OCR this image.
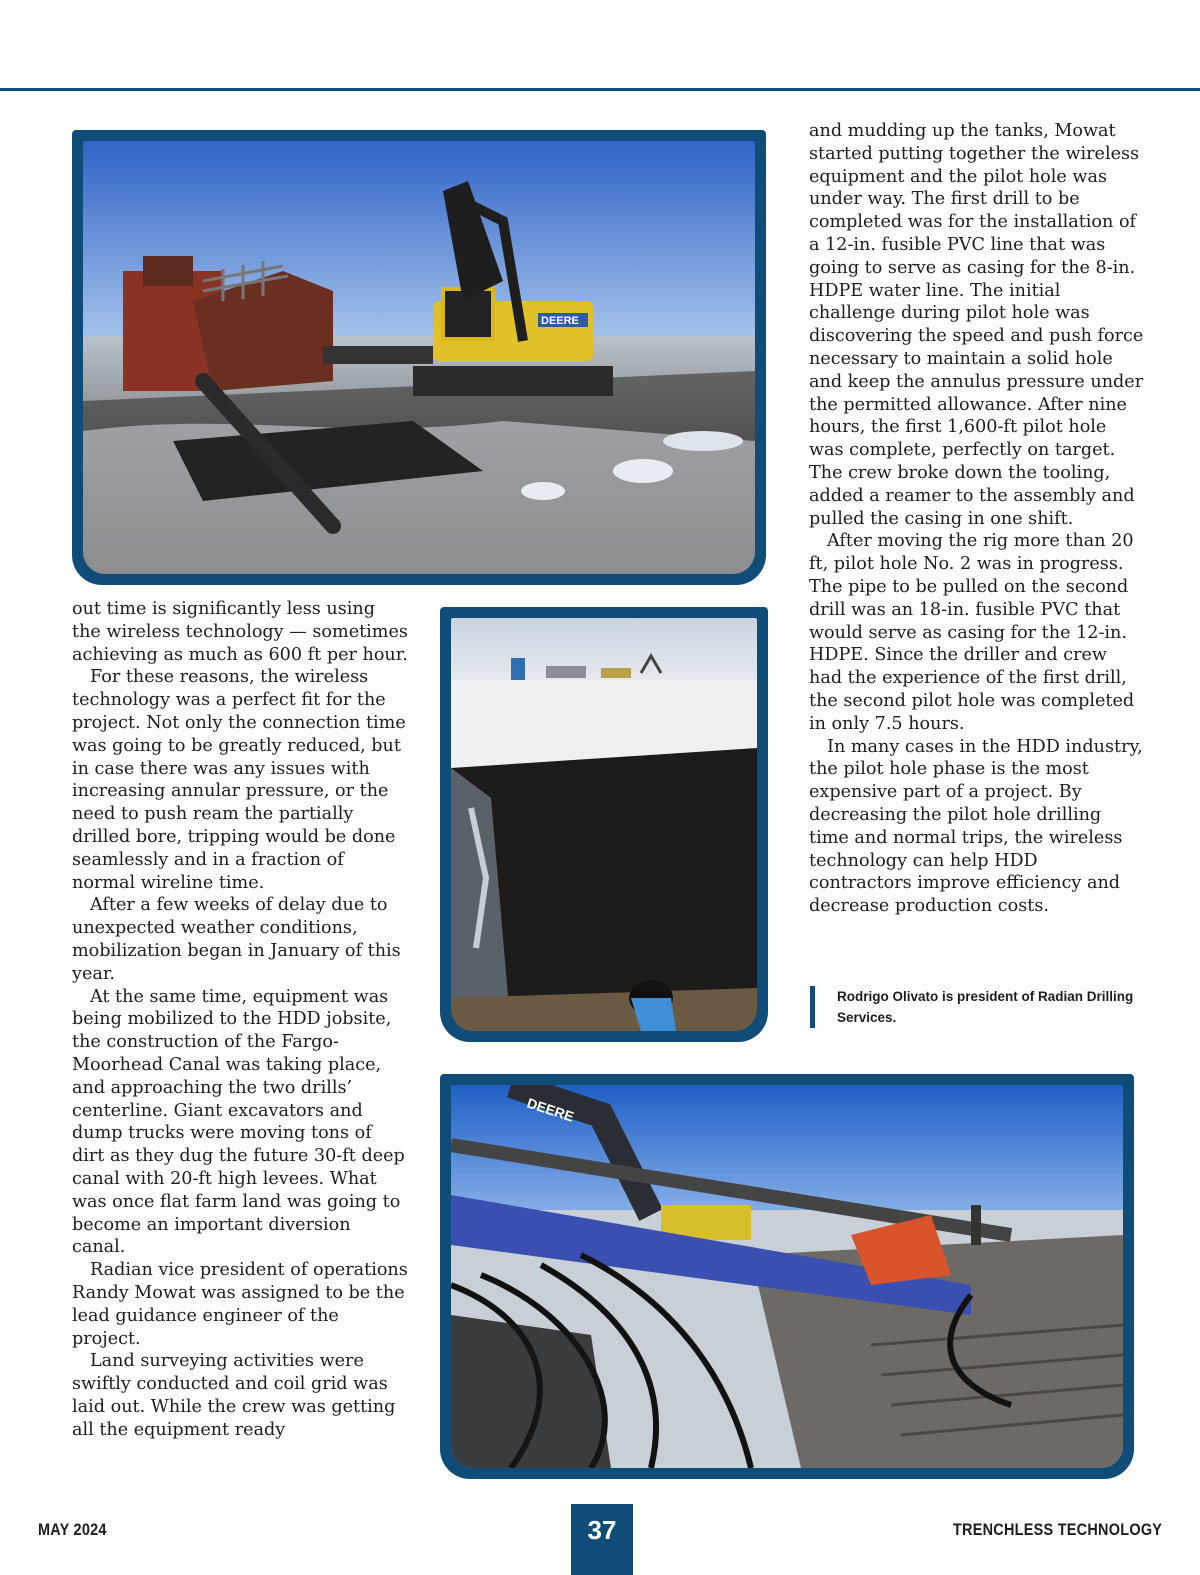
DEERE
DEERE

out time is significantly less using the wireless technology — sometimes achieving as much as 600 ft per hour.

For these reasons, the wireless technology was a perfect fit for the project. Not only the connection time was going to be greatly reduced, but in case there was any issues with increasing annular pressure, or the need to push ream the partially drilled bore, tripping would be done seamlessly and in a fraction of normal wireline time.

After a few weeks of delay due to unexpected weather conditions, mobilization began in January of this year.

At the same time, equipment was being mobilized to the HDD jobsite, the construction of the Fargo-Moorhead Canal was taking place, and approaching the two drills’ centerline. Giant excavators and dump trucks were moving tons of dirt as they dug the future 30-ft deep canal with 20-ft high levees. What was once flat farm land was going to become an important diversion canal.

Radian vice president of operations Randy Mowat was assigned to be the lead guidance engineer of the project.

Land surveying activities were swiftly conducted and coil grid was laid out. While the crew was getting all the equipment ready

and mudding up the tanks, Mowat started putting together the wireless equipment and the pilot hole was under way. The first drill to be completed was for the installation of a 12-in. fusible PVC line that was going to serve as casing for the 8-in. HDPE water line. The initial challenge during pilot hole was discovering the speed and push force necessary to maintain a solid hole and keep the annulus pressure under the permitted allowance. After nine hours, the first 1,600-ft pilot hole was complete, perfectly on target. The crew broke down the tooling, added a reamer to the assembly and pulled the casing in one shift.

After moving the rig more than 20 ft, pilot hole No. 2 was in progress. The pipe to be pulled on the second drill was an 18-in. fusible PVC that would serve as casing for the 12-in. HDPE. Since the driller and crew had the experience of the first drill, the second pilot hole was completed in only 7.5 hours.

In many cases in the HDD industry, the pilot hole phase is the most expensive part of a project. By decreasing the pilot hole drilling time and normal trips, the wireless technology can help HDD contractors improve efficiency and decrease production costs.

Rodrigo Olivato is president of Radian Drilling Services.
MAY 2024	37	TRENCHLESS TECHNOLOGY
